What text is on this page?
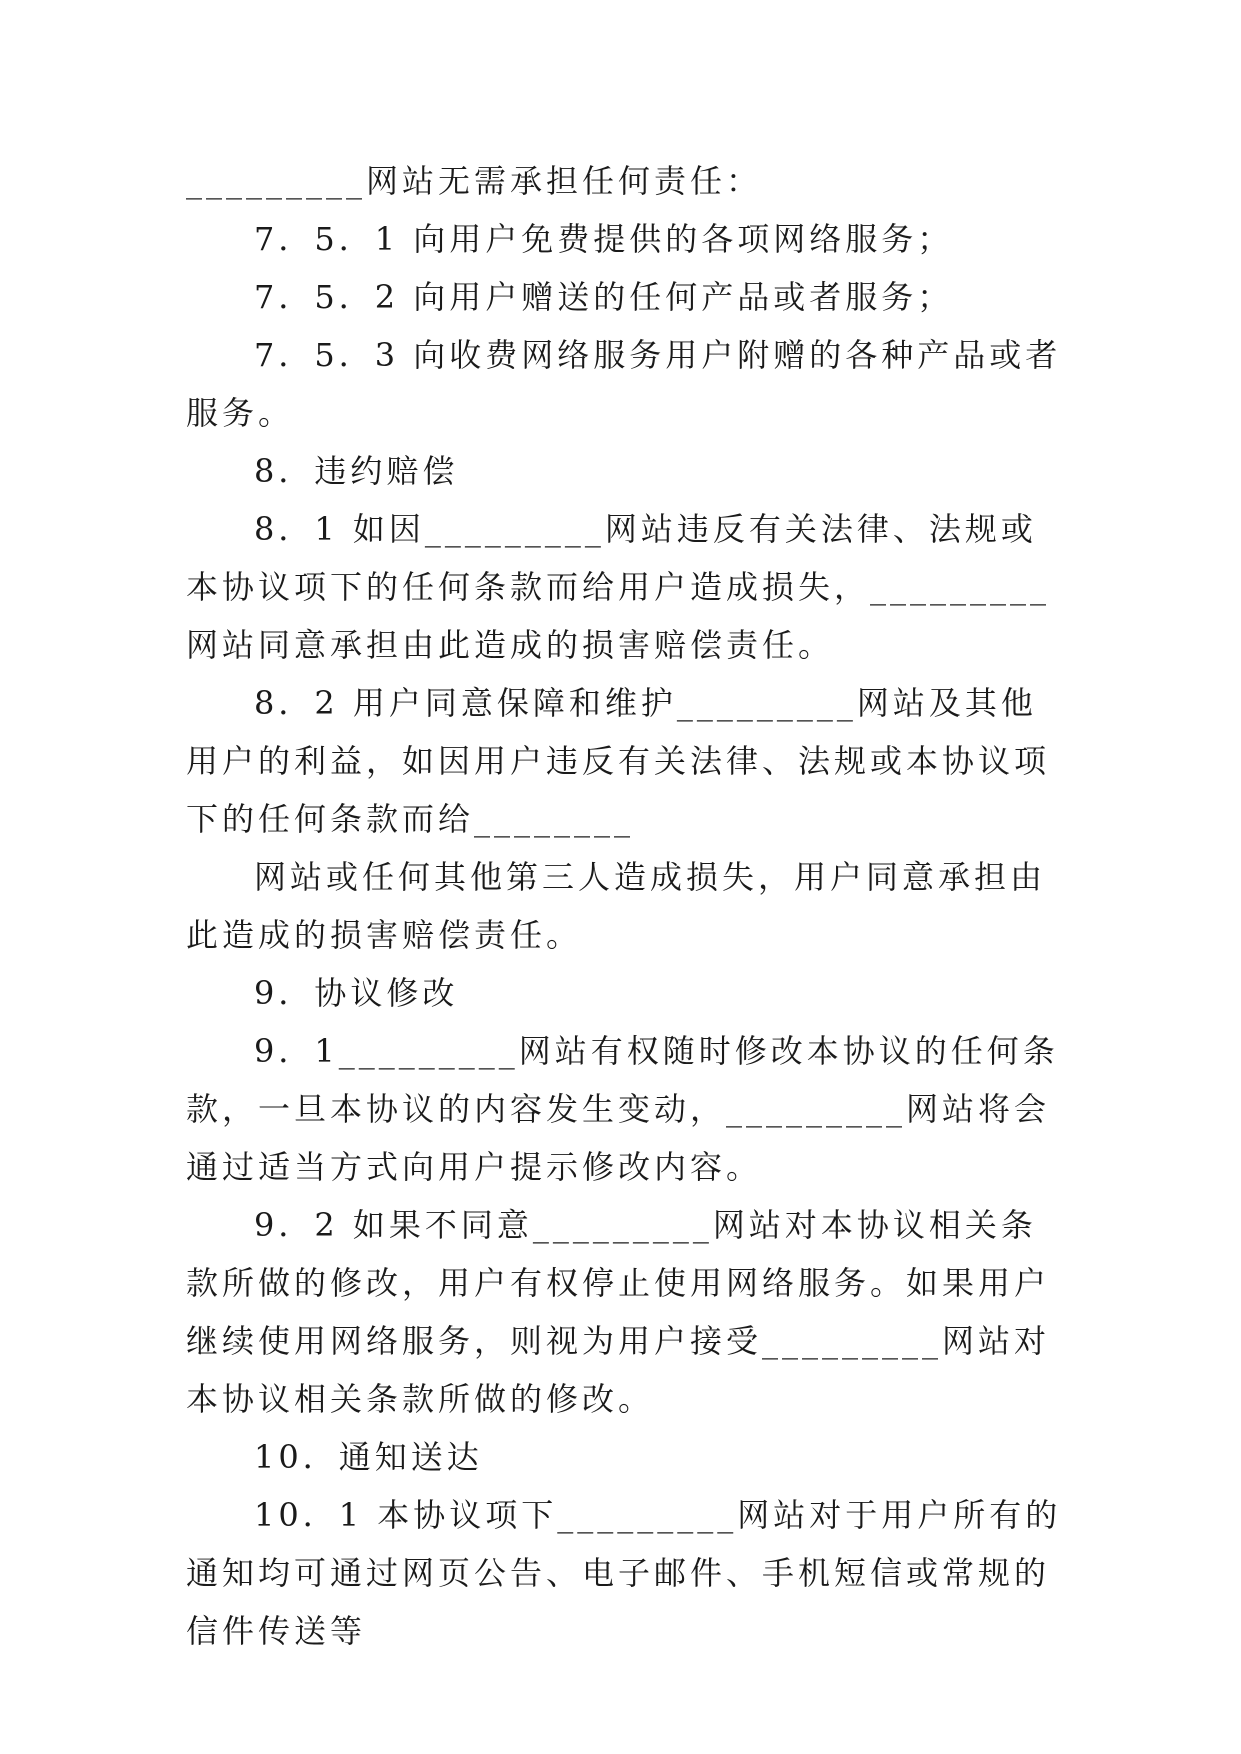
_________网站无需承担任何责任：

7．5．1 向用户免费提供的各项网络服务；

7．5．2 向用户赠送的任何产品或者服务；

7．5．3 向收费网络服务用户附赠的各种产品或者服务。

8．违约赔偿

8．1 如因_________网站违反有关法律、法规或本协议项下的任何条款而给用户造成损失，_________网站同意承担由此造成的损害赔偿责任。

8．2 用户同意保障和维护_________网站及其他用户的利益，如因用户违反有关法律、法规或本协议项下的任何条款而给________

网站或任何其他第三人造成损失，用户同意承担由此造成的损害赔偿责任。

9．协议修改

9．1_________网站有权随时修改本协议的任何条款，一旦本协议的内容发生变动，_________网站将会通过适当方式向用户提示修改内容。

9．2 如果不同意_________网站对本协议相关条款所做的修改，用户有权停止使用网络服务。如果用户继续使用网络服务，则视为用户接受_________网站对本协议相关条款所做的修改。

10．通知送达

10．1 本协议项下_________网站对于用户所有的通知均可通过网页公告、电子邮件、手机短信或常规的信件传送等
